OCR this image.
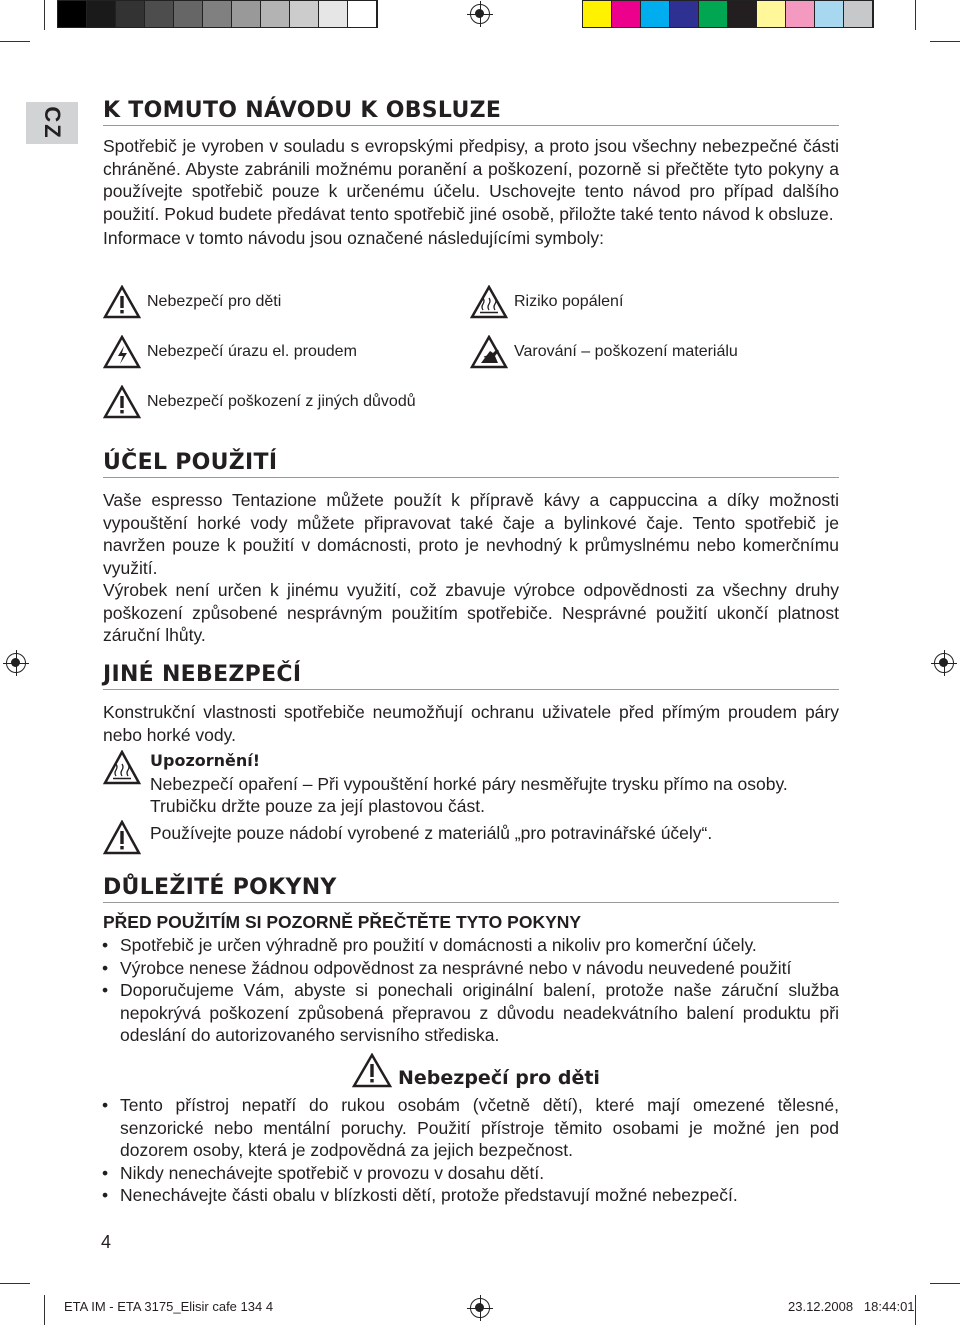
CZ K TOMUTO NÁVODU K OBSLUZE

Spotřebič je vyroben v souladu s evropskými předpisy, a proto jsou všechny nebezpečné části chráněné. Abyste zabránili možnému poranění a poškození, pozorně si přečtěte tyto pokyny a používejte spotřebič pouze k určenému účelu. Uschovejte tento návod pro případ dalšího použití. Pokud budete předávat tento spotřebič jiné osobě, přiložte také tento návod k obsluze.

Informace v tomto návodu jsou označené následujícími symboly:

Nebezpečí pro děti	Riziko popálení
Nebezpečí úrazu el. proudem	Varování – poškození materiálu
Nebezpečí poškození z jiných důvodů
ÚČEL POUŽITÍ

Vaše espresso Tentazione můžete použít k přípravě kávy a cappuccina a díky možnosti vypouštění horké vody můžete připravovat také čaje a bylinkové čaje. Tento spotřebič je navržen pouze k použití v domácnosti, proto je nevhodný k průmyslnému nebo komerčnímu využití.

Výrobek není určen k jinému využití, což zbavuje výrobce odpovědnosti za všechny druhy poškození způsobené nesprávným použitím spotřebiče. Nesprávné použití ukončí platnost záruční lhůty.

JINÉ NEBEZPEČÍ

Konstrukční vlastnosti spotřebiče neumožňují ochranu uživatele před přímým proudem páry nebo horké vody.

Upozornění!
Nebezpečí opaření – Při vypouštění horké páry nesměřujte trysku přímo na osoby. Trubičku držte pouze za její plastovou část.
Používejte pouze nádobí vyrobené z materiálů „pro potravinářské účely“.
DŮLEŽITÉ POKYNY
PŘED POUŽITÍM SI POZORNĚ PŘEČTĚTE TYTO POKYNY
• Spotřebič je určen výhradně pro použití v domácnosti a nikoliv pro komerční účely.
• Výrobce nenese žádnou odpovědnost za nesprávné nebo v návodu neuvedené použití
• Doporučujeme Vám, abyste si ponechali originální balení, protože naše záruční služba nepokrývá poškození způsobená přepravou z důvodu neadekvátního balení produktu při odeslání do autorizovaného servisního střediska.
Nebezpečí pro děti
• Tento přístroj nepatří do rukou osobám (včetně dětí), které mají omezené tělesné, senzorické nebo mentální poruchy. Použití přístroje těmito osobami je možné jen pod dozorem osoby, která je zodpovědná za jejich bezpečnost.
• Nikdy nenechávejte spotřebič v provozu v dosahu dětí.
• Nenechávejte části obalu v blízkosti dětí, protože představují možné nebezpečí.
4
ETA IM - ETA 3175_Elisir cafe 134 4	23.12.2008 18:44:01
